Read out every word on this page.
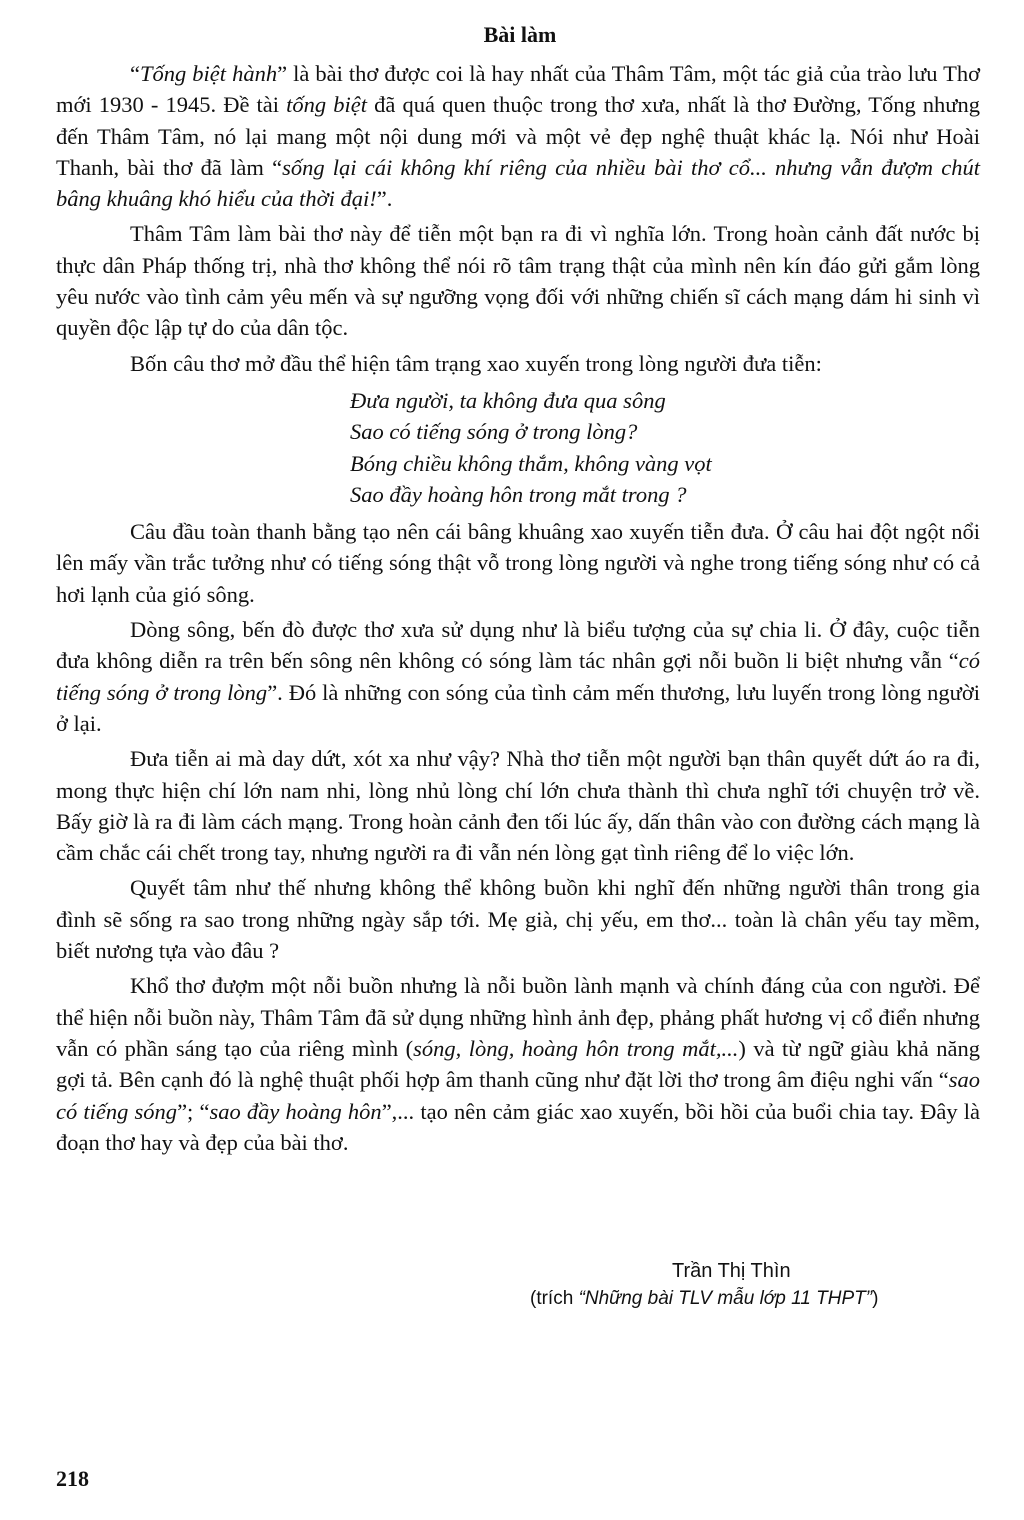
Bài làm

“Tống biệt hành” là bài thơ được coi là hay nhất của Thâm Tâm, một tác giả của trào lưu Thơ mới 1930 - 1945. Đề tài tống biệt đã quá quen thuộc trong thơ xưa, nhất là thơ Đường, Tống nhưng đến Thâm Tâm, nó lại mang một nội dung mới và một vẻ đẹp nghệ thuật khác lạ. Nói như Hoài Thanh, bài thơ đã làm “sống lại cái không khí riêng của nhiều bài thơ cổ... nhưng vẫn đượm chút bâng khuâng khó hiểu của thời đại!”.

Thâm Tâm làm bài thơ này để tiễn một bạn ra đi vì nghĩa lớn. Trong hoàn cảnh đất nước bị thực dân Pháp thống trị, nhà thơ không thể nói rõ tâm trạng thật của mình nên kín đáo gửi gắm lòng yêu nước vào tình cảm yêu mến và sự ngưỡng vọng đối với những chiến sĩ cách mạng dám hi sinh vì quyền độc lập tự do của dân tộc.

Bốn câu thơ mở đầu thể hiện tâm trạng xao xuyến trong lòng người đưa tiễn:

Đưa người, ta không đưa qua sông
Sao có tiếng sóng ở trong lòng?
Bóng chiều không thắm, không vàng vọt
Sao đầy hoàng hôn trong mắt trong ?

Câu đầu toàn thanh bằng tạo nên cái bâng khuâng xao xuyến tiễn đưa. Ở câu hai đột ngột nổi lên mấy vần trắc tưởng như có tiếng sóng thật vỗ trong lòng người và nghe trong tiếng sóng như có cả hơi lạnh của gió sông.

Dòng sông, bến đò được thơ xưa sử dụng như là biểu tượng của sự chia li. Ở đây, cuộc tiễn đưa không diễn ra trên bến sông nên không có sóng làm tác nhân gợi nỗi buồn li biệt nhưng vẫn “có tiếng sóng ở trong lòng”. Đó là những con sóng của tình cảm mến thương, lưu luyến trong lòng người ở lại.

Đưa tiễn ai mà day dứt, xót xa như vậy? Nhà thơ tiễn một người bạn thân quyết dứt áo ra đi, mong thực hiện chí lớn nam nhi, lòng nhủ lòng chí lớn chưa thành thì chưa nghĩ tới chuyện trở về. Bấy giờ là ra đi làm cách mạng. Trong hoàn cảnh đen tối lúc ấy, dấn thân vào con đường cách mạng là cầm chắc cái chết trong tay, nhưng người ra đi vẫn nén lòng gạt tình riêng để lo việc lớn.

Quyết tâm như thế nhưng không thể không buồn khi nghĩ đến những người thân trong gia đình sẽ sống ra sao trong những ngày sắp tới. Mẹ già, chị yếu, em thơ... toàn là chân yếu tay mềm, biết nương tựa vào đâu ?

Khổ thơ đượm một nỗi buồn nhưng là nỗi buồn lành mạnh và chính đáng của con người. Để thể hiện nỗi buồn này, Thâm Tâm đã sử dụng những hình ảnh đẹp, phảng phất hương vị cổ điển nhưng vẫn có phần sáng tạo của riêng mình (sóng, lòng, hoàng hôn trong mắt,...) và từ ngữ giàu khả năng gợi tả. Bên cạnh đó là nghệ thuật phối hợp âm thanh cũng như đặt lời thơ trong âm điệu nghi vấn “sao có tiếng sóng”; “sao đầy hoàng hôn”,... tạo nên cảm giác xao xuyến, bồi hồi của buổi chia tay. Đây là đoạn thơ hay và đẹp của bài thơ.

Trần Thị Thìn
(trích “Những bài TLV mẫu lớp 11 THPT”)
218
